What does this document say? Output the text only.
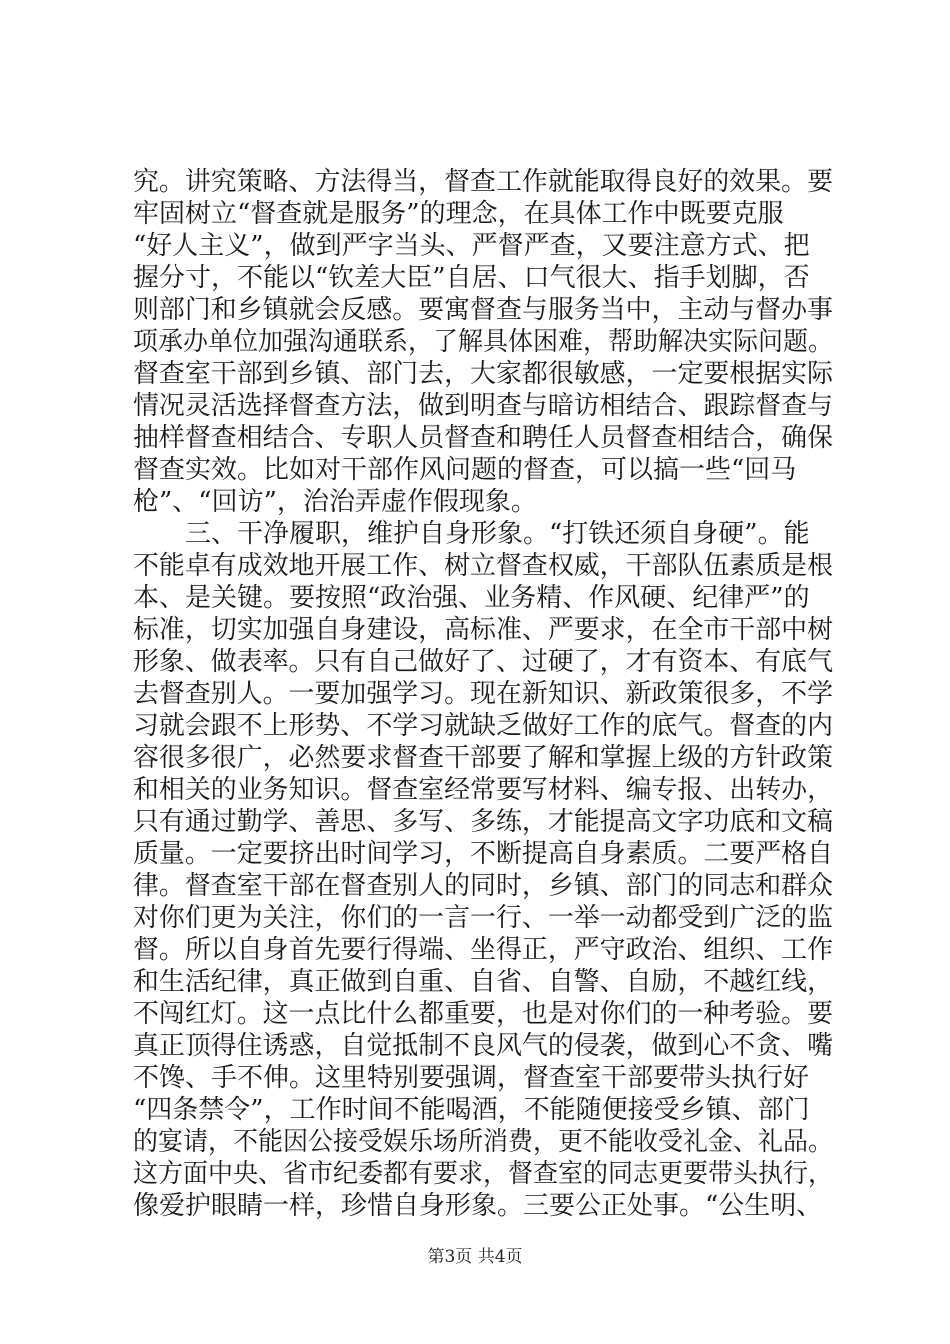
究。讲究策略、方法得当，督查工作就能取得良好的效果。要
牢固树立“督查就是服务”的理念，在具体工作中既要克服
“好人主义”，做到严字当头、严督严查，又要注意方式、把
握分寸，不能以“钦差大臣”自居、口气很大、指手划脚，否
则部门和乡镇就会反感。要寓督查与服务当中，主动与督办事
项承办单位加强沟通联系，了解具体困难，帮助解决实际问题。
督查室干部到乡镇、部门去，大家都很敏感，一定要根据实际
情况灵活选择督查方法，做到明查与暗访相结合、跟踪督查与
抽样督查相结合、专职人员督查和聘任人员督查相结合，确保
督查实效。比如对干部作风问题的督查，可以搞一些“回马
枪”、“回访”，治治弄虚作假现象。
　　三、干净履职，维护自身形象。“打铁还须自身硬”。能
不能卓有成效地开展工作、树立督查权威，干部队伍素质是根
本、是关键。要按照“政治强、业务精、作风硬、纪律严”的
标准，切实加强自身建设，高标准、严要求，在全市干部中树
形象、做表率。只有自己做好了、过硬了，才有资本、有底气
去督查别人。一要加强学习。现在新知识、新政策很多，不学
习就会跟不上形势、不学习就缺乏做好工作的底气。督查的内
容很多很广，必然要求督查干部要了解和掌握上级的方针政策
和相关的业务知识。督查室经常要写材料、编专报、出转办，
只有通过勤学、善思、多写、多练，才能提高文字功底和文稿
质量。一定要挤出时间学习，不断提高自身素质。二要严格自
律。督查室干部在督查别人的同时，乡镇、部门的同志和群众
对你们更为关注，你们的一言一行、一举一动都受到广泛的监
督。所以自身首先要行得端、坐得正，严守政治、组织、工作
和生活纪律，真正做到自重、自省、自警、自励，不越红线，
不闯红灯。这一点比什么都重要，也是对你们的一种考验。要
真正顶得住诱惑，自觉抵制不良风气的侵袭，做到心不贪、嘴
不馋、手不伸。这里特别要强调，督查室干部要带头执行好
“四条禁令”，工作时间不能喝酒，不能随便接受乡镇、部门
的宴请，不能因公接受娱乐场所消费，更不能收受礼金、礼品。
这方面中央、省市纪委都有要求，督查室的同志更要带头执行，
像爱护眼睛一样，珍惜自身形象。三要公正处事。“公生明、
第3页 共4页
